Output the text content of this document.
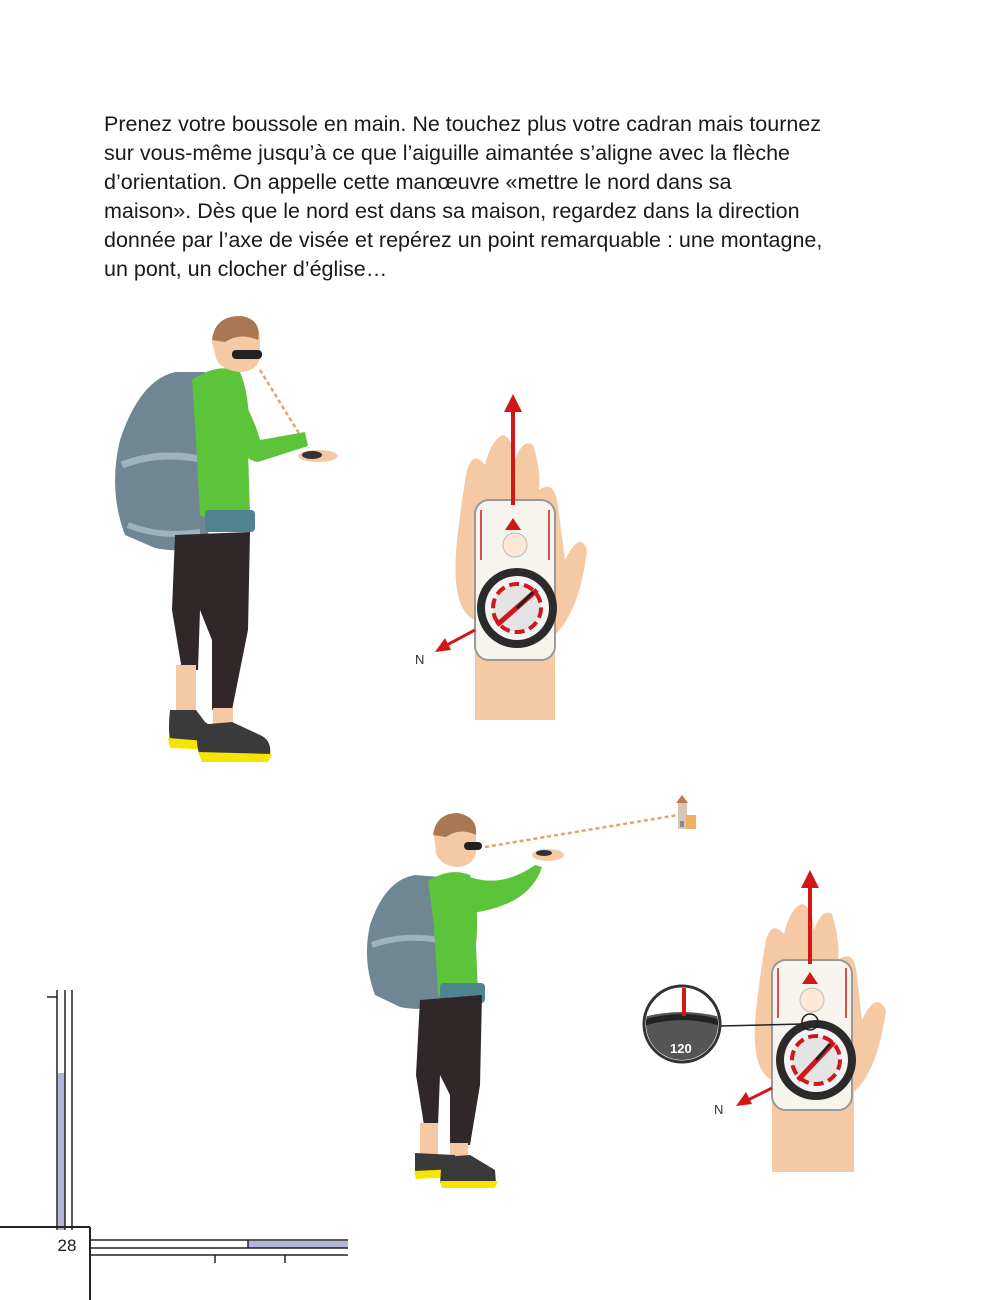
Prenez votre boussole en main. Ne touchez plus votre cadran mais tournez
sur vous-même jusqu’à ce que l’aiguille aimantée s’aligne avec la flèche
d’orientation. On appelle cette manœuvre «mettre le nord dans sa
maison». Dès que le nord est dans sa maison, regardez dans la direction
donnée par l’axe de visée et repérez un point remarquable : une montagne,
un pont, un clocher d’église…

N
120
N
28
